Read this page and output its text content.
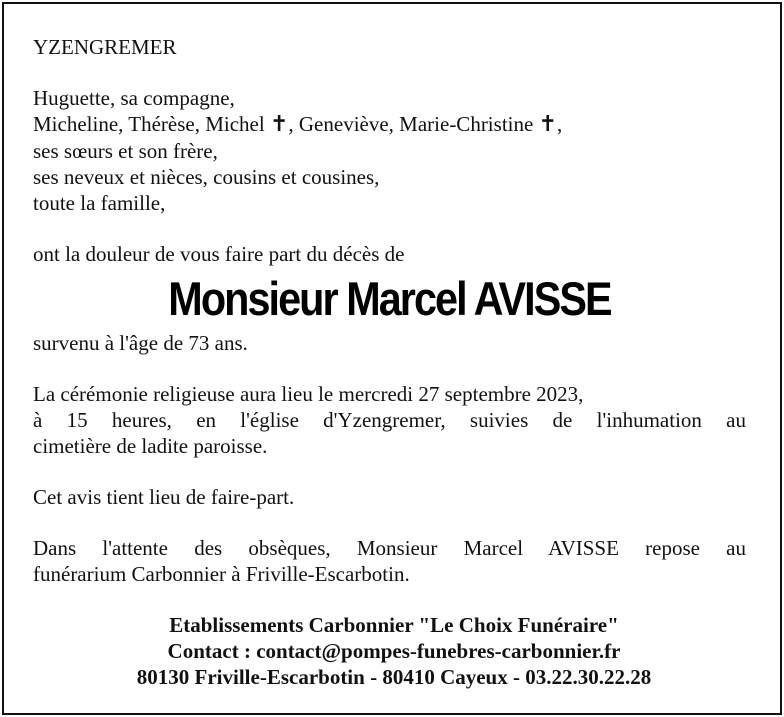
YZENGREMER
Huguette, sa compagne,
Micheline, Thérèse, Michel ✝, Geneviève, Marie-Christine ✝,
ses sœurs et son frère,
ses neveux et nièces, cousins et cousines,
toute la famille,
ont la douleur de vous faire part du décès de
Monsieur Marcel AVISSE
survenu à l'âge de 73 ans.
La cérémonie religieuse aura lieu le mercredi 27 septembre 2023,
à 15 heures, en l'église d'Yzengremer, suivies de l'inhumation au
cimetière de ladite paroisse.
Cet avis tient lieu de faire-part.
Dans l'attente des obsèques, Monsieur Marcel AVISSE repose au
funérarium Carbonnier à Friville-Escarbotin.
Etablissements Carbonnier "Le Choix Funéraire"
Contact : contact@pompes-funebres-carbonnier.fr
80130 Friville-Escarbotin - 80410 Cayeux - 03.22.30.22.28
